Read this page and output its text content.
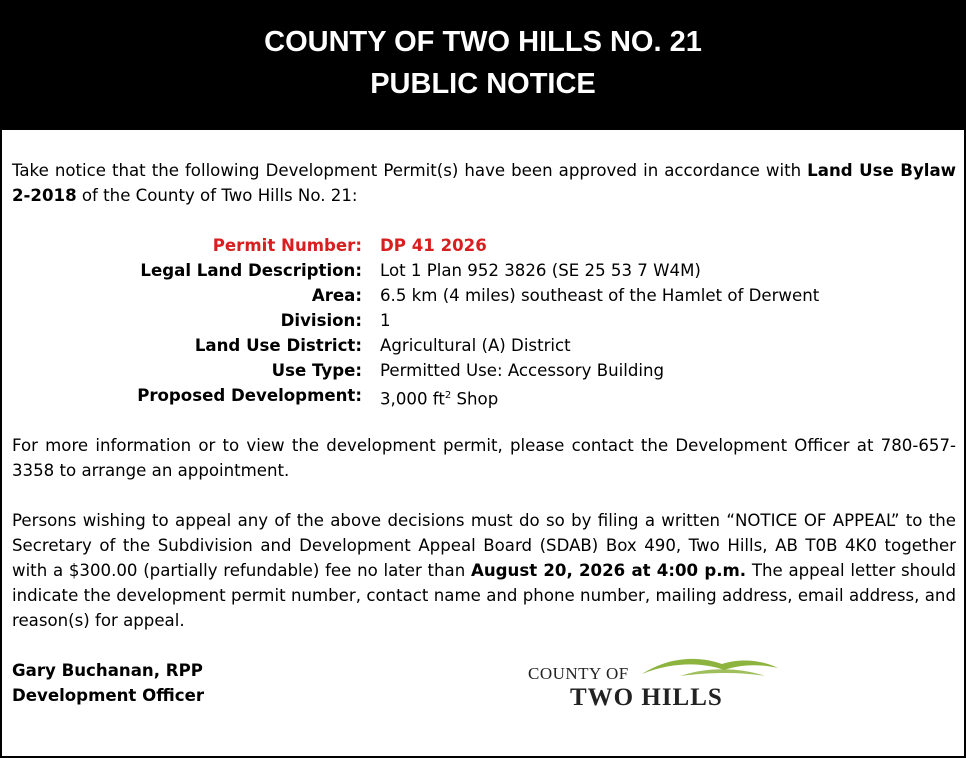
COUNTY OF TWO HILLS NO. 21
PUBLIC NOTICE
Take notice that the following Development Permit(s) have been approved in accordance with Land Use Bylaw 2-2018 of the County of Two Hills No. 21:
Permit Number: DP 41 2026
Legal Land Description: Lot 1 Plan 952 3826 (SE 25 53 7 W4M)
Area: 6.5 km (4 miles) southeast of the Hamlet of Derwent
Division: 1
Land Use District: Agricultural (A) District
Use Type: Permitted Use: Accessory Building
Proposed Development: 3,000 $ft^2$ Shop
For more information or to view the development permit, please contact the Development Officer at 780-657-3358 to arrange an appointment.
Persons wishing to appeal any of the above decisions must do so by filing a written “NOTICE OF APPEAL” to the Secretary of the Subdivision and Development Appeal Board (SDAB) Box 490, Two Hills, AB T0B 4K0 together with a $300.00 (partially refundable) fee no later than August 20, 2026 at 4:00 p.m. The appeal letter should indicate the development permit number, contact name and phone number, mailing address, email address, and reason(s) for appeal.
Gary Buchanan, RPP
Development Officer
COUNTY OF
TWO HILLS
